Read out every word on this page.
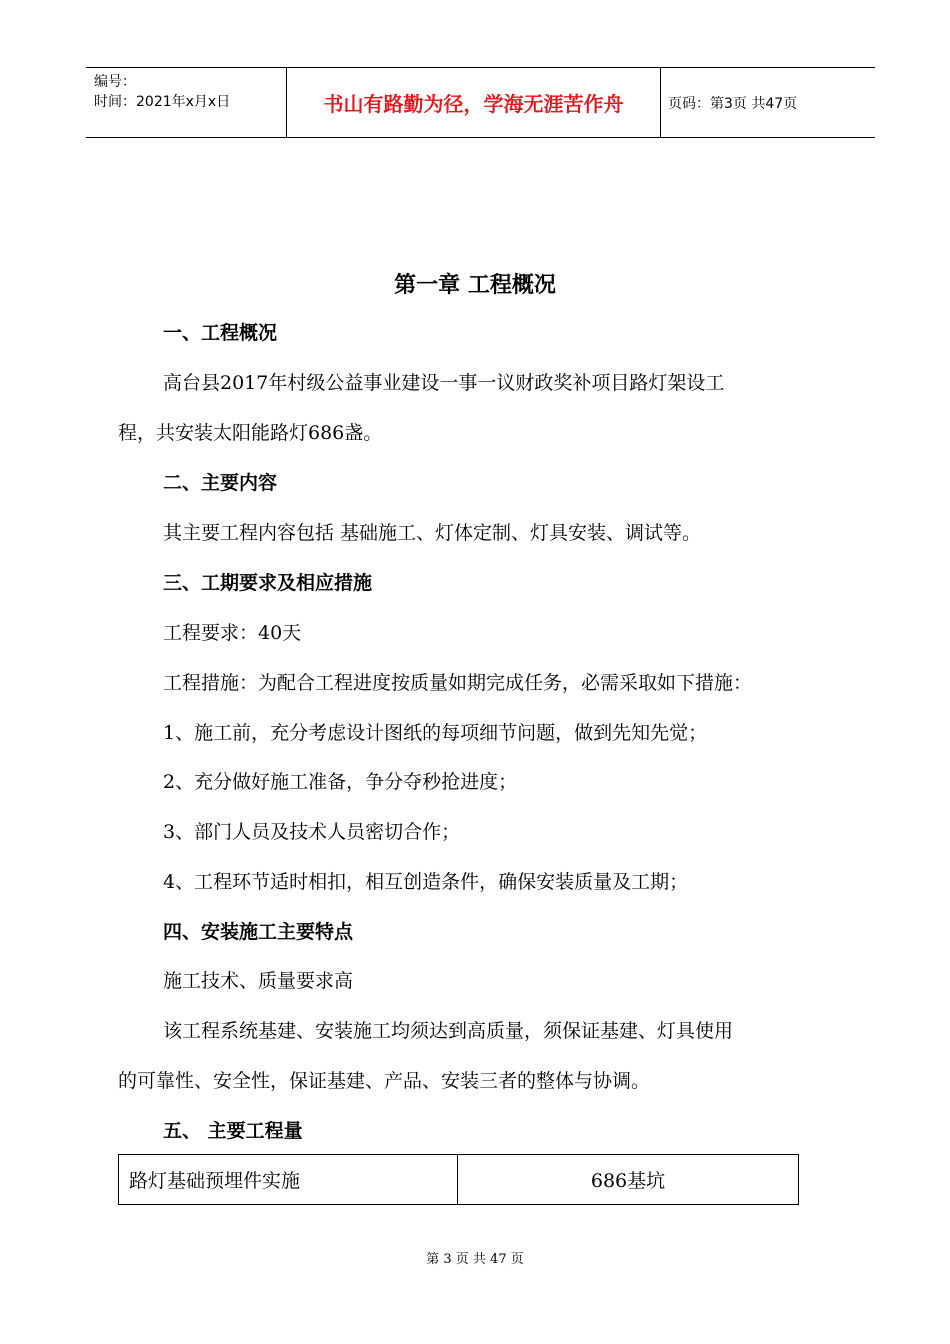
编号：
时间：2021年x月x日	书山有路勤为径，学海无涯苦作舟	页码：第3页 共47页
第一章 工程概况
一、工程概况
高台县2017年村级公益事业建设一事一议财政奖补项目路灯架设工
程，共安装太阳能路灯686盏。
二、主要内容
其主要工程内容包括 基础施工、灯体定制、灯具安装、调试等。
三、工期要求及相应措施
工程要求：40天
工程措施：为配合工程进度按质量如期完成任务，必需采取如下措施：
1、施工前，充分考虑设计图纸的每项细节问题，做到先知先觉；
2、充分做好施工准备，争分夺秒抢进度；
3、部门人员及技术人员密切合作；
4、工程环节适时相扣，相互创造条件，确保安装质量及工期；
四、安装施工主要特点
施工技术、质量要求高
该工程系统基建、安装施工均须达到高质量，须保证基建、灯具使用
的可靠性、安全性，保证基建、产品、安装三者的整体与协调。
五、 主要工程量
路灯基础预埋件实施	686基坑
第 3 页 共 47 页
